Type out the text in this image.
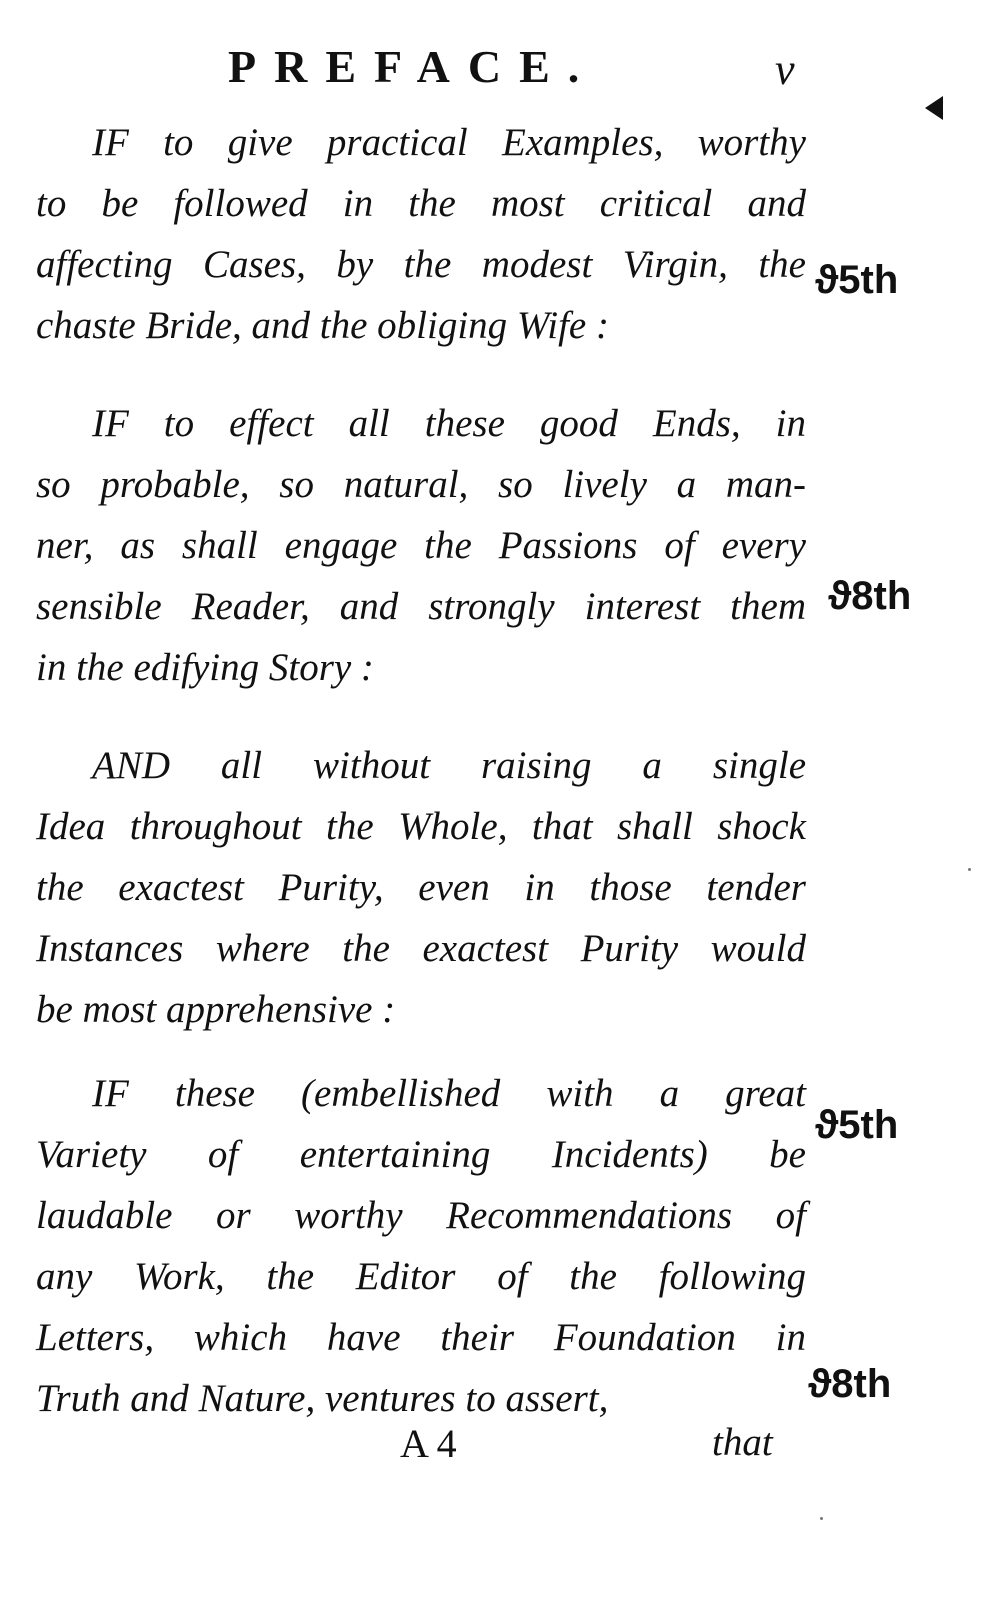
PREFACE.	v
IF to give practical Examples, worthy
to be followed in the most critical and
affecting Cases, by the modest Virgin, the
chaste Bride, and the obliging Wife :
ϑ5th
IF to effect all these good Ends, in
so probable, so natural, so lively a man-
ner, as shall engage the Passions of every
sensible Reader, and strongly interest them
in the edifying Story :
ϑ8th
AND all without raising a single
Idea throughout the Whole, that shall shock
the exactest Purity, even in those tender
Instances where the exactest Purity would
be most apprehensive :
IF these (embellished with a great
Variety of entertaining Incidents) be
laudable or worthy Recommendations of
any Work, the Editor of the following
Letters, which have their Foundation in
Truth and Nature, ventures to assert,
ϑ5th
ϑ8th
A 4	that
